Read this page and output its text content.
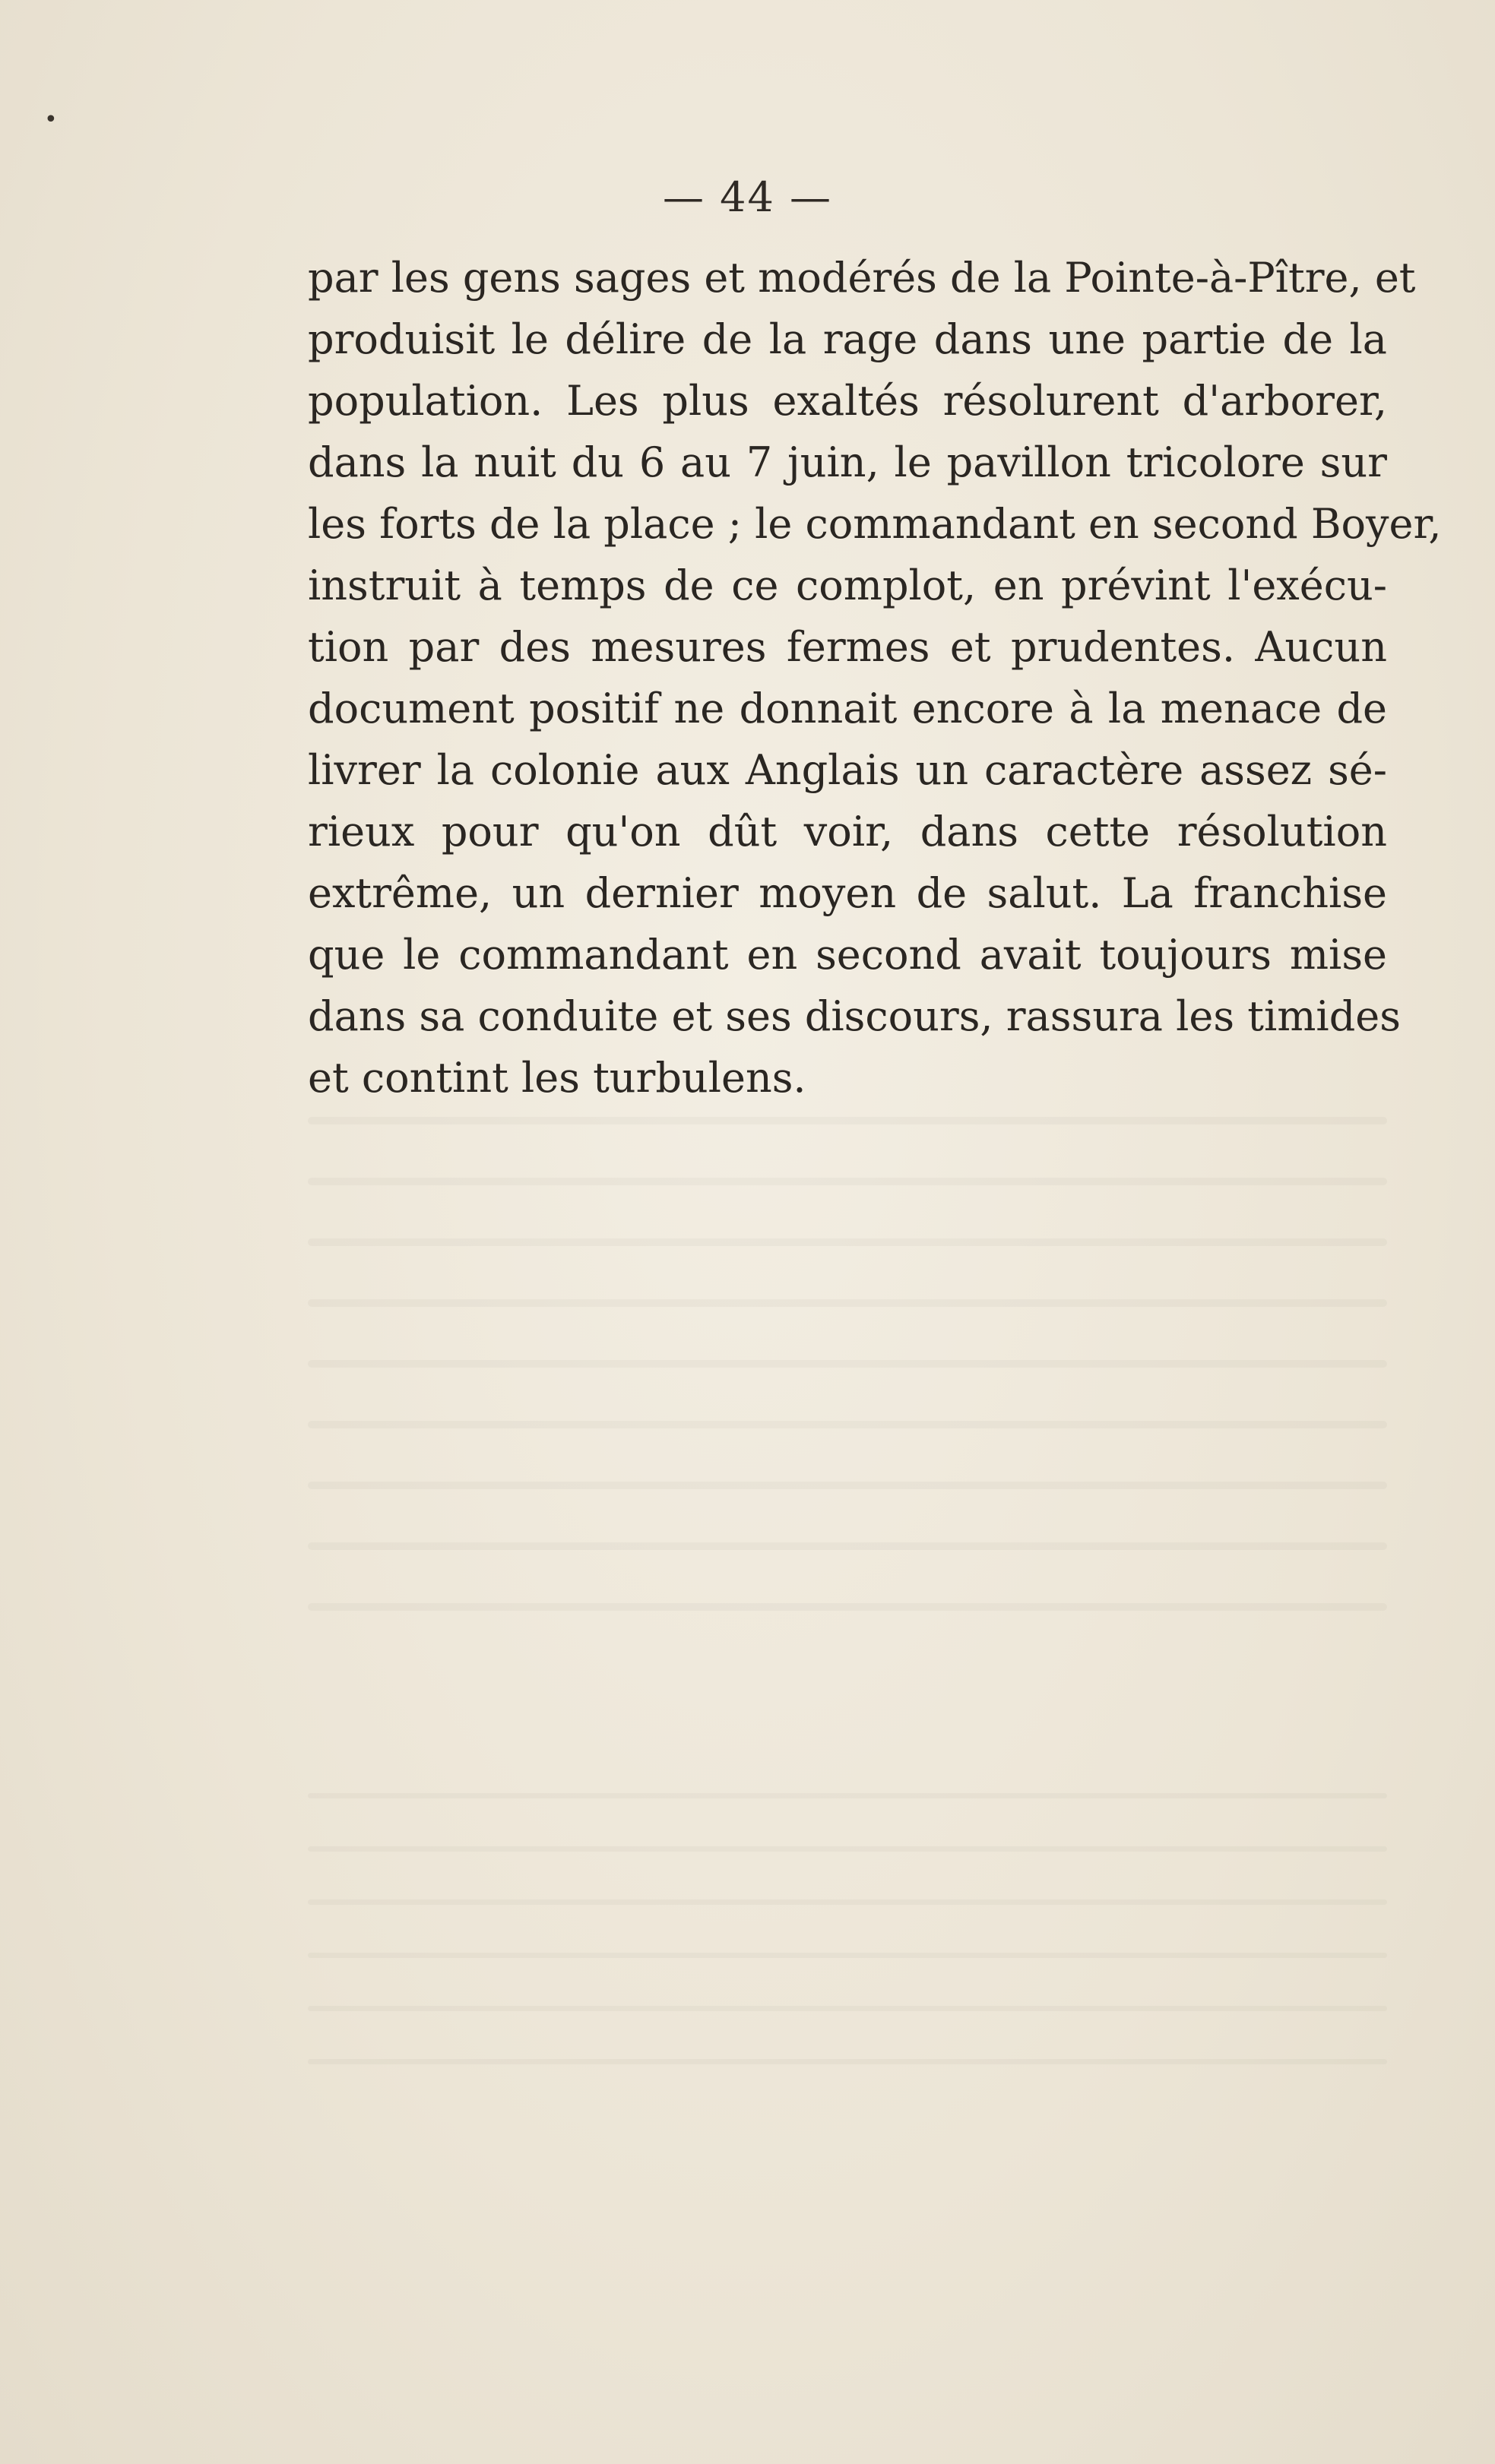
•
— 44 —
par les gens sages et modérés de la Pointe-à-Pître, et
produisit le délire de la rage dans une partie de la
population. Les plus exaltés résolurent d'arborer,
dans la nuit du 6 au 7 juin, le pavillon tricolore sur
les forts de la place ; le commandant en second Boyer,
instruit à temps de ce complot, en prévint l'exécu-
tion par des mesures fermes et prudentes. Aucun
document positif ne donnait encore à la menace de
livrer la colonie aux Anglais un caractère assez sé-
rieux pour qu'on dût voir, dans cette résolution
extrême, un dernier moyen de salut. La franchise
que le commandant en second avait toujours mise
dans sa conduite et ses discours, rassura les timides
et contint les turbulens.
